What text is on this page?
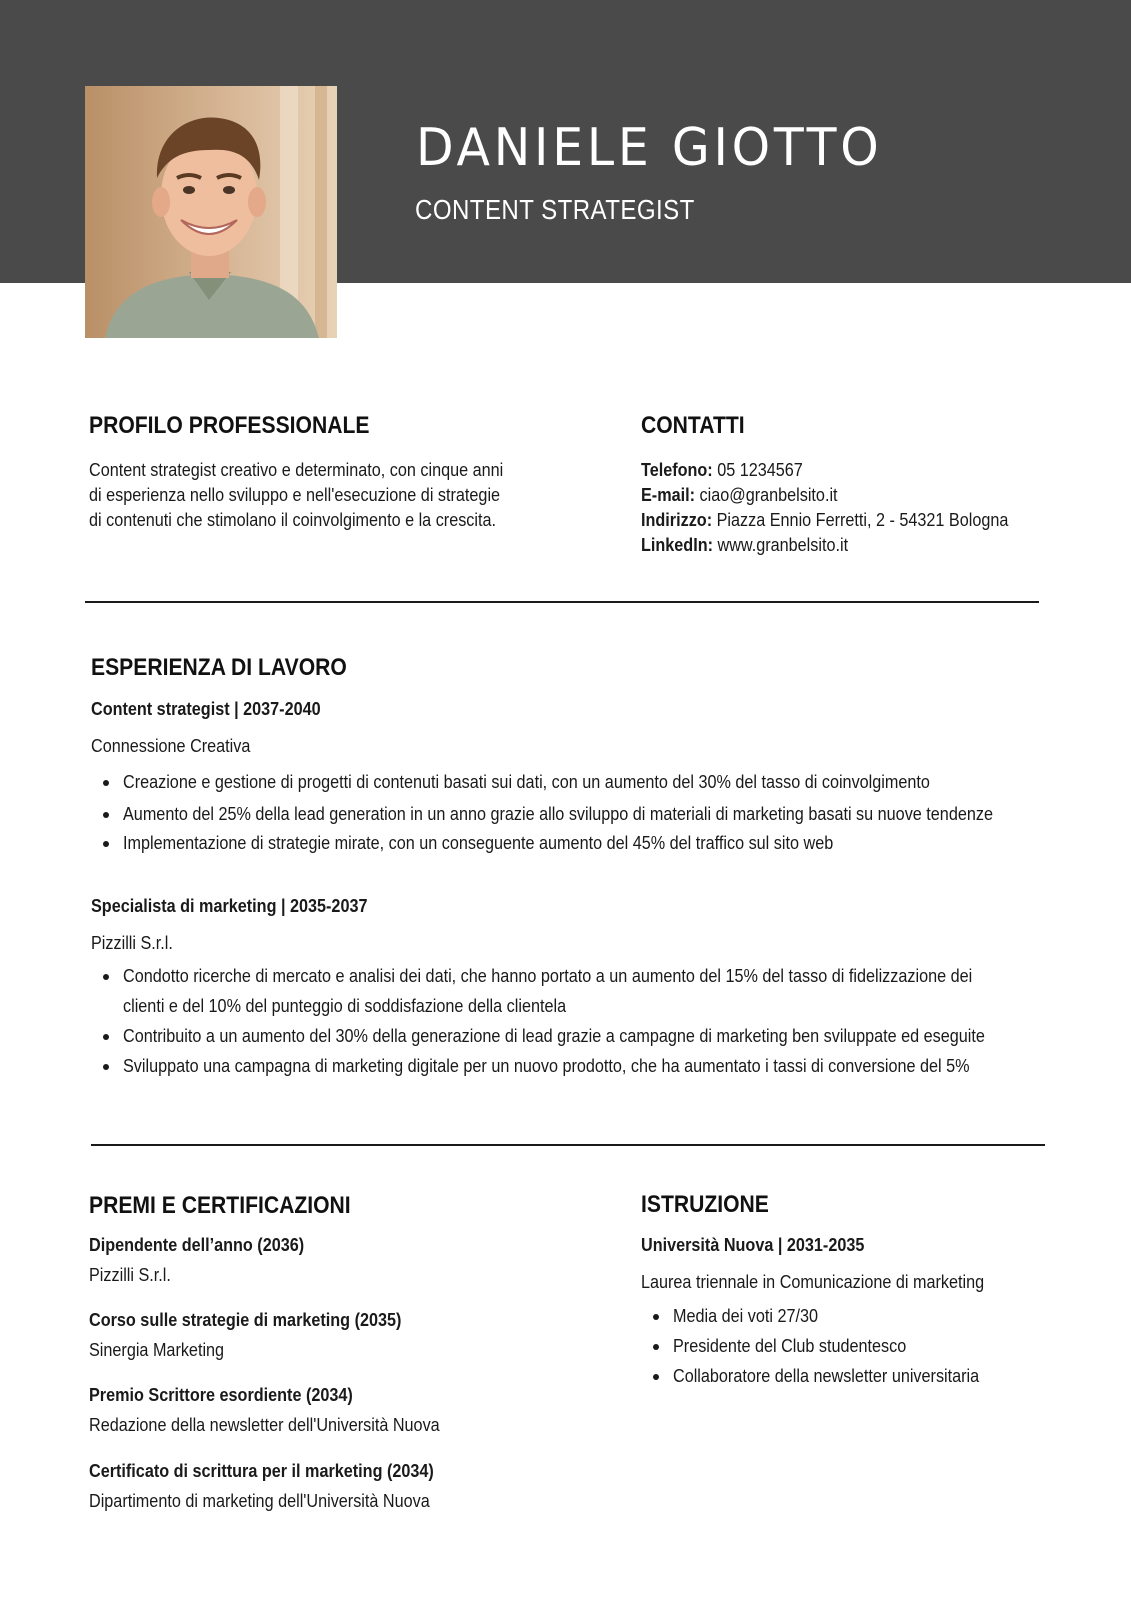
DANIELE GIOTTO
CONTENT STRATEGIST
PROFILO PROFESSIONALE
Content strategist creativo e determinato, con cinque anni
di esperienza nello sviluppo e nell'esecuzione di strategie
di contenuti che stimolano il coinvolgimento e la crescita.
CONTATTI
Telefono: 05 1234567
E-mail: ciao@granbelsito.it
Indirizzo: Piazza Ennio Ferretti, 2 - 54321 Bologna
LinkedIn: www.granbelsito.it
ESPERIENZA DI LAVORO
Content strategist | 2037-2040
Connessione Creativa
Creazione e gestione di progetti di contenuti basati sui dati, con un aumento del 30% del tasso di coinvolgimento
Aumento del 25% della lead generation in un anno grazie allo sviluppo di materiali di marketing basati su nuove tendenze
Implementazione di strategie mirate, con un conseguente aumento del 45% del traffico sul sito web
Specialista di marketing | 2035-2037
Pizzilli S.r.l.
Condotto ricerche di mercato e analisi dei dati, che hanno portato a un aumento del 15% del tasso di fidelizzazione dei
clienti e del 10% del punteggio di soddisfazione della clientela
Contribuito a un aumento del 30% della generazione di lead grazie a campagne di marketing ben sviluppate ed eseguite
Sviluppato una campagna di marketing digitale per un nuovo prodotto, che ha aumentato i tassi di conversione del 5%
PREMI E CERTIFICAZIONI
Dipendente dell’anno (2036)
Pizzilli S.r.l.
Corso sulle strategie di marketing (2035)
Sinergia Marketing
Premio Scrittore esordiente (2034)
Redazione della newsletter dell'Università Nuova
Certificato di scrittura per il marketing (2034)
Dipartimento di marketing dell'Università Nuova
ISTRUZIONE
Università Nuova | 2031-2035
Laurea triennale in Comunicazione di marketing
Media dei voti 27/30
Presidente del Club studentesco
Collaboratore della newsletter universitaria
